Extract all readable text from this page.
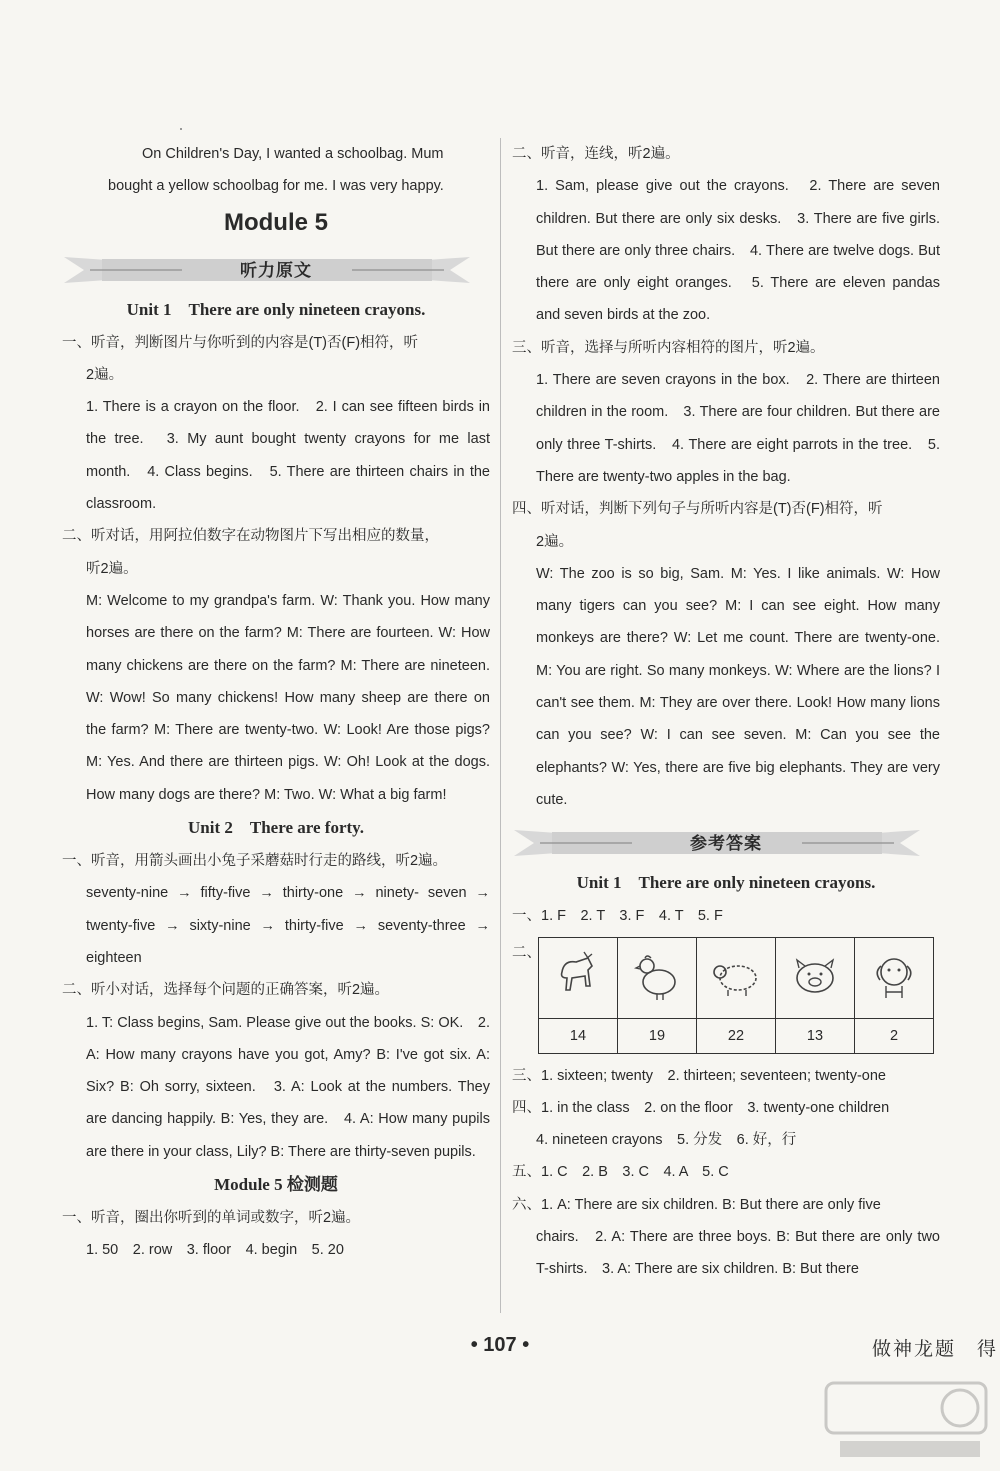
On Children's Day, I wanted a schoolbag. Mum

bought a yellow schoolbag for me. I was very happy.

Module 5
听力原文
Unit 1　There are only nineteen crayons.

一、听音，判断图片与你听到的内容是(T)否(F)相符，听

2遍。

1. There is a crayon on the floor.　2. I can see fifteen birds in the tree.　3. My aunt bought twenty crayons for me last month.　4. Class begins.　5. There are thirteen chairs in the classroom.

二、听对话，用阿拉伯数字在动物图片下写出相应的数量，

听2遍。

M: Welcome to my grandpa's farm. W: Thank you. How many horses are there on the farm? M: There are fourteen. W: How many chickens are there on the farm? M: There are nineteen. W: Wow! So many chickens! How many sheep are there on the farm? M: There are twenty-two. W: Look! Are those pigs? M: Yes. And there are thirteen pigs. W: Oh! Look at the dogs. How many dogs are there? M: Two. W: What a big farm!

Unit 2　There are forty.

一、听音，用箭头画出小兔子采蘑菇时行走的路线，听2遍。

seventy-nine → fifty-five → thirty-one → ninety- seven → twenty-five → sixty-nine → thirty-five → seventy-three → eighteen

二、听小对话，选择每个问题的正确答案，听2遍。

1. T: Class begins, Sam. Please give out the books. S: OK.　2. A: How many crayons have you got, Amy? B: I've got six. A: Six? B: Oh sorry, sixteen.　3. A: Look at the numbers. They are dancing happily. B: Yes, they are.　4. A: How many pupils are there in your class, Lily? B: There are thirty-seven pupils.

Module 5 检测题

一、听音，圈出你听到的单词或数字，听2遍。

1. 50　2. row　3. floor　4. begin　5. 20

二、听音，连线，听2遍。

1. Sam, please give out the crayons.　2. There are seven children. But there are only six desks.　3. There are five girls. But there are only three chairs.　4. There are twelve dogs. But there are only eight oranges.　5. There are eleven pandas and seven birds at the zoo.

三、听音，选择与所听内容相符的图片，听2遍。

1. There are seven crayons in the box.　2. There are thirteen children in the room.　3. There are four children. But there are only three T-shirts.　4. There are eight parrots in the tree.　5. There are twenty-two apples in the bag.

四、听对话，判断下列句子与所听内容是(T)否(F)相符，听

2遍。

W: The zoo is so big, Sam. M: Yes. I like animals. W: How many tigers can you see? M: I can see eight. How many monkeys are there? W: Let me count. There are twenty-one. M: You are right. So many monkeys. W: Where are the lions? I can't see them. M: They are over there. Look! How many lions can you see? W: I can see seven. M: Can you see the elephants? W: Yes, there are five big elephants. They are very cute.

参考答案
Unit 1　There are only nineteen crayons.

一、1. F　2. T　3. F　4. T　5. F

二、

14	19	22	13	2

三、1. sixteen; twenty　2. thirteen; seventeen; twenty-one

四、1. in the class　2. on the floor　3. twenty-one children

4. nineteen crayons　5. 分发　6. 好，行

五、1. C　2. B　3. C　4. A　5. C

六、1. A: There are six children. B: But there are only five

chairs.　2. A: There are three boys. B: But there are only two T-shirts.　3. A: There are six children. B: But there

• 107 •	做神龙题　得
